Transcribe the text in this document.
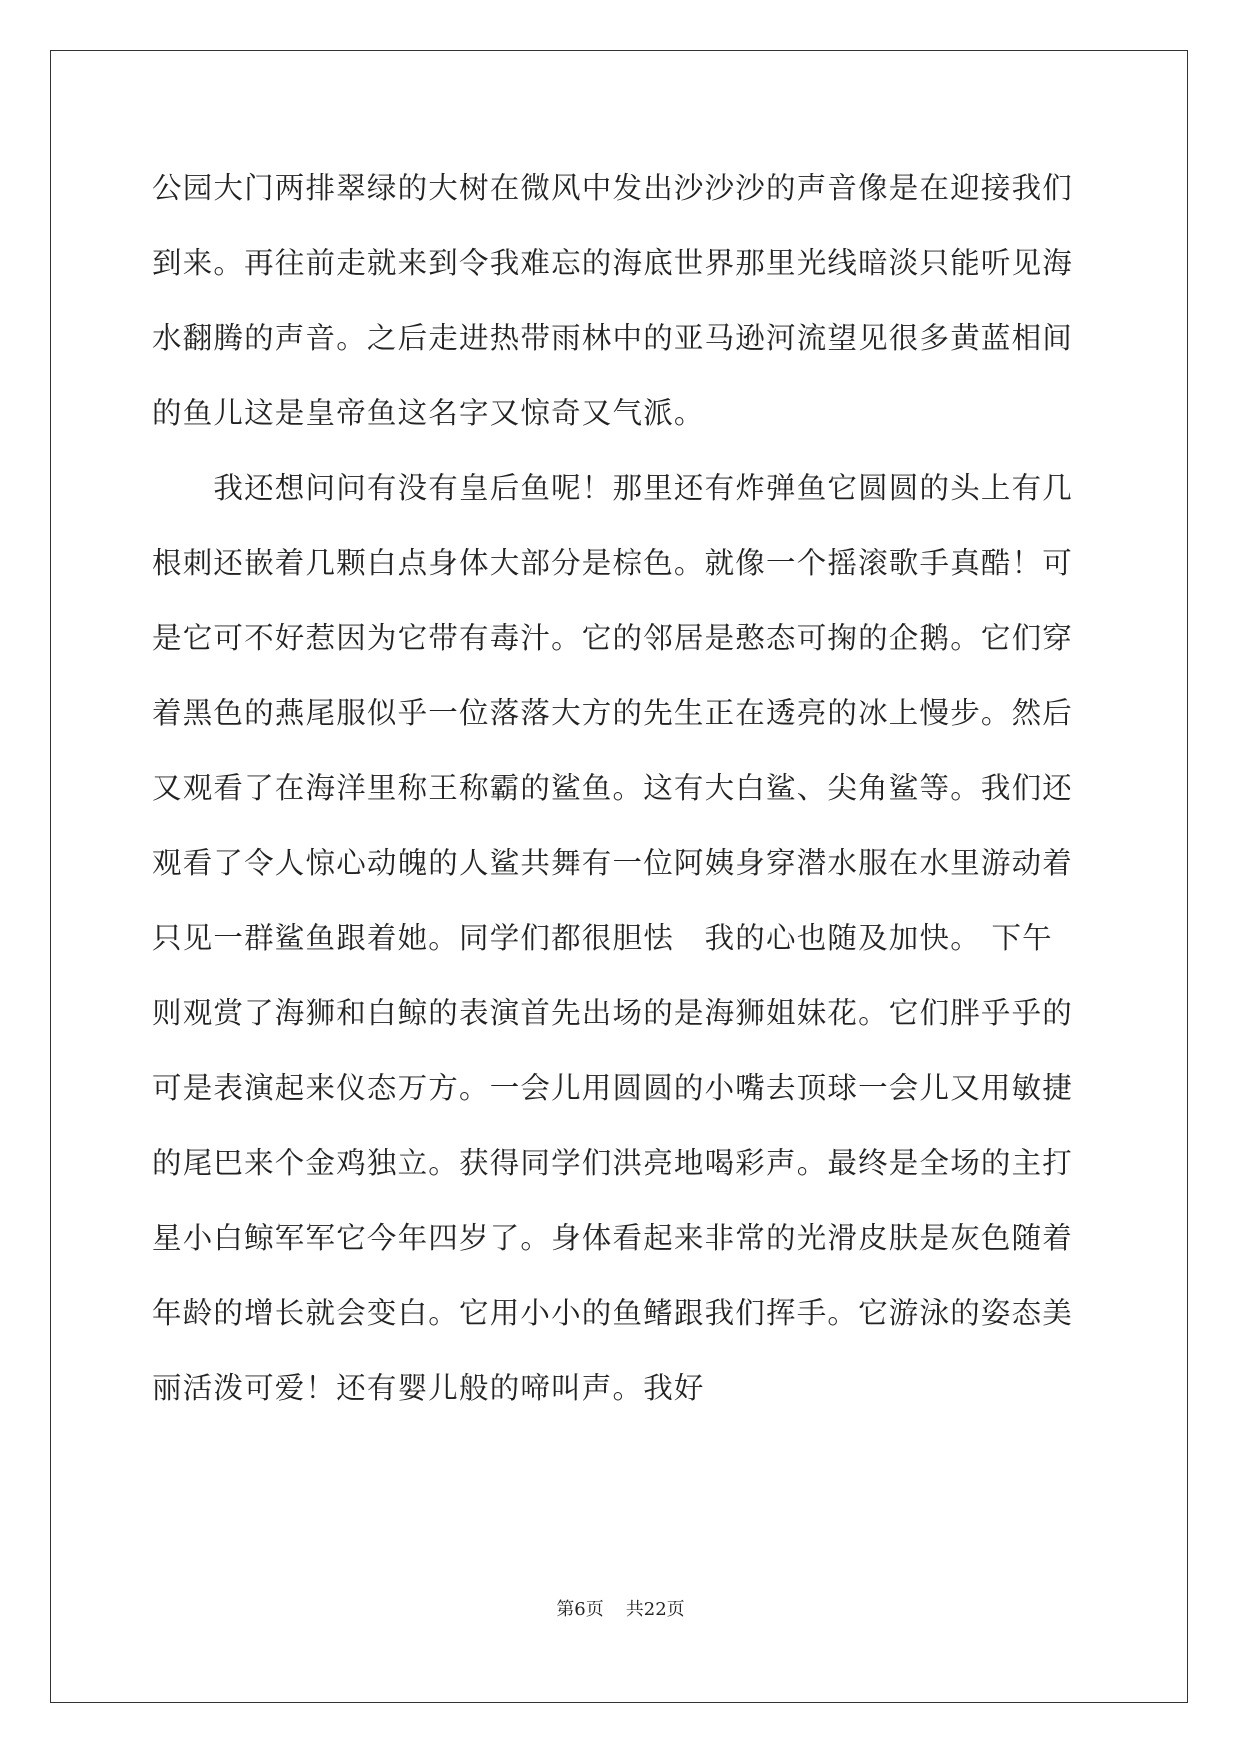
公园大门两排翠绿的大树在微风中发出沙沙沙的声音像是在迎接我们
到来。再往前走就来到令我难忘的海底世界那里光线暗淡只能听见海
水翻腾的声音。之后走进热带雨林中的亚马逊河流望见很多黄蓝相间
的鱼儿这是皇帝鱼这名字又惊奇又气派。
　　我还想问问有没有皇后鱼呢！那里还有炸弹鱼它圆圆的头上有几
根刺还嵌着几颗白点身体大部分是棕色。就像一个摇滚歌手真酷！可
是它可不好惹因为它带有毒汁。它的邻居是憨态可掬的企鹅。它们穿
着黑色的燕尾服似乎一位落落大方的先生正在透亮的冰上慢步。然后
又观看了在海洋里称王称霸的鲨鱼。这有大白鲨、尖角鲨等。我们还
观看了令人惊心动魄的人鲨共舞有一位阿姨身穿潜水服在水里游动着
只见一群鲨鱼跟着她。同学们都很胆怯　我的心也随及加快。 下午
则观赏了海狮和白鲸的表演首先出场的是海狮姐妹花。它们胖乎乎的
可是表演起来仪态万方。一会儿用圆圆的小嘴去顶球一会儿又用敏捷
的尾巴来个金鸡独立。获得同学们洪亮地喝彩声。最终是全场的主打
星小白鲸军军它今年四岁了。身体看起来非常的光滑皮肤是灰色随着
年龄的增长就会变白。它用小小的鱼鳍跟我们挥手。它游泳的姿态美
丽活泼可爱！还有婴儿般的啼叫声。我好
第6页 共22页
